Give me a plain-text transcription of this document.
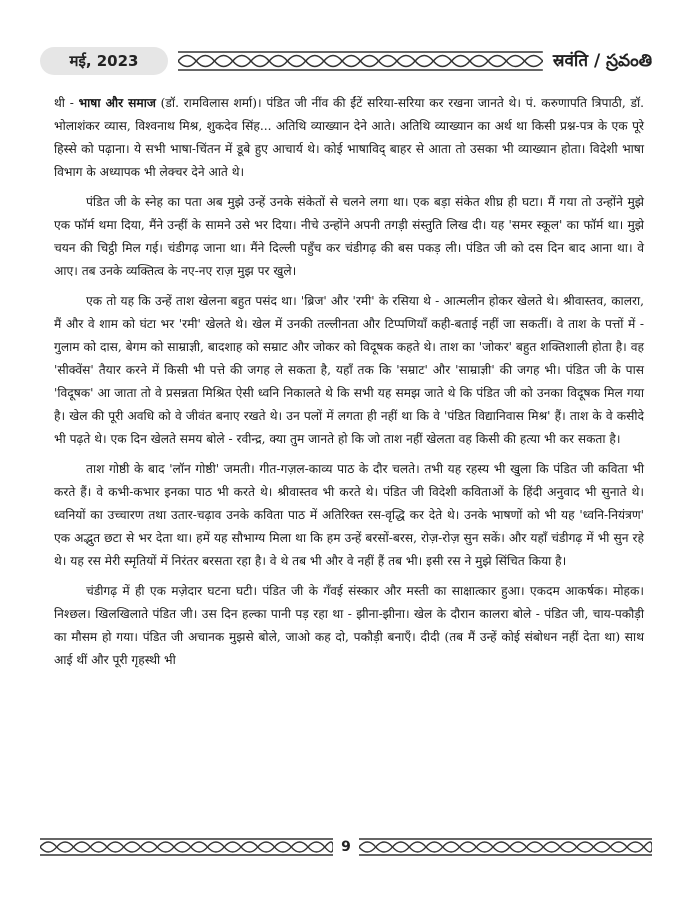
मई, 2023	स्रवंति / స్రవంతి

थी - भाषा और समाज (डॉ. रामविलास शर्मा)। पंडित जी नींव की ईंटें सरिया-सरिया कर रखना जानते थे। पं. करुणापति त्रिपाठी, डॉ. भोलाशंकर व्यास, विश्वनाथ मिश्र, शुकदेव सिंह... अतिथि व्याख्यान देने आते। अतिथि व्याख्यान का अर्थ था किसी प्रश्न-पत्र के एक पूरे हिस्से को पढ़ाना। ये सभी भाषा-चिंतन में डूबे हुए आचार्य थे। कोई भाषाविद् बाहर से आता तो उसका भी व्याख्यान होता। विदेशी भाषा विभाग के अध्यापक भी लेक्चर देने आते थे।

पंडित जी के स्नेह का पता अब मुझे उन्हें उनके संकेतों से चलने लगा था। एक बड़ा संकेत शीघ्र ही घटा। मैं गया तो उन्होंने मुझे एक फॉर्म थमा दिया, मैंने उन्हीं के सामने उसे भर दिया। नीचे उन्होंने अपनी तगड़ी संस्तुति लिख दी। यह 'समर स्कूल' का फॉर्म था। मुझे चयन की चिट्ठी मिल गई। चंडीगढ़ जाना था। मैंने दिल्ली पहुँच कर चंडीगढ़ की बस पकड़ ली। पंडित जी को दस दिन बाद आना था। वे आए। तब उनके व्यक्तित्व के नए-नए राज़ मुझ पर खुले।

एक तो यह कि उन्हें ताश खेलना बहुत पसंद था। 'ब्रिज' और 'रमी' के रसिया थे - आत्मलीन होकर खेलते थे। श्रीवास्तव, कालरा, मैं और वे शाम को घंटा भर 'रमी' खेलते थे। खेल में उनकी तल्लीनता और टिप्पणियाँ कही-बताई नहीं जा सकतीं। वे ताश के पत्तों में - गुलाम को दास, बेगम को साम्राज्ञी, बादशाह को सम्राट और जोकर को विदूषक कहते थे। ताश का 'जोकर' बहुत शक्तिशाली होता है। वह 'सीक्वेंस' तैयार करने में किसी भी पत्ते की जगह ले सकता है, यहाँ तक कि 'सम्राट' और 'साम्राज्ञी' की जगह भी। पंडित जी के पास 'विदूषक' आ जाता तो वे प्रसन्नता मिश्रित ऐसी ध्वनि निकालते थे कि सभी यह समझ जाते थे कि पंडित जी को उनका विदूषक मिल गया है। खेल की पूरी अवधि को वे जीवंत बनाए रखते थे। उन पलों में लगता ही नहीं था कि वे 'पंडित विद्यानिवास मिश्र' हैं। ताश के वे कसीदे भी पढ़ते थे। एक दिन खेलते समय बोले - रवीन्द्र, क्या तुम जानते हो कि जो ताश नहीं खेलता वह किसी की हत्या भी कर सकता है।

ताश गोष्ठी के बाद 'लॉन गोष्ठी' जमती। गीत-गज़ल-काव्य पाठ के दौर चलते। तभी यह रहस्य भी खुला कि पंडित जी कविता भी करते हैं। वे कभी-कभार इनका पाठ भी करते थे। श्रीवास्तव भी करते थे। पंडित जी विदेशी कविताओं के हिंदी अनुवाद भी सुनाते थे। ध्वनियों का उच्चारण तथा उतार-चढ़ाव उनके कविता पाठ में अतिरिक्त रस-वृद्धि कर देते थे। उनके भाषणों को भी यह 'ध्वनि-नियंत्रण' एक अद्भुत छटा से भर देता था। हमें यह सौभाग्य मिला था कि हम उन्हें बरसों-बरस, रोज़-रोज़ सुन सकें। और यहाँ चंडीगढ़ में भी सुन रहे थे। यह रस मेरी स्मृतियों में निरंतर बरसता रहा है। वे थे तब भी और वे नहीं हैं तब भी। इसी रस ने मुझे सिंचित किया है।

चंडीगढ़ में ही एक मज़ेदार घटना घटी। पंडित जी के गँवई संस्कार और मस्ती का साक्षात्कार हुआ। एकदम आकर्षक। मोहक। निश्छल। खिलखिलाते पंडित जी। उस दिन हल्का पानी पड़ रहा था - झीना-झीना। खेल के दौरान कालरा बोले - पंडित जी, चाय-पकौड़ी का मौसम हो गया। पंडित जी अचानक मुझसे बोले, जाओ कह दो, पकौड़ी बनाएँ। दीदी (तब मैं उन्हें कोई संबोधन नहीं देता था) साथ आई थीं और पूरी गृहस्थी भी

9
